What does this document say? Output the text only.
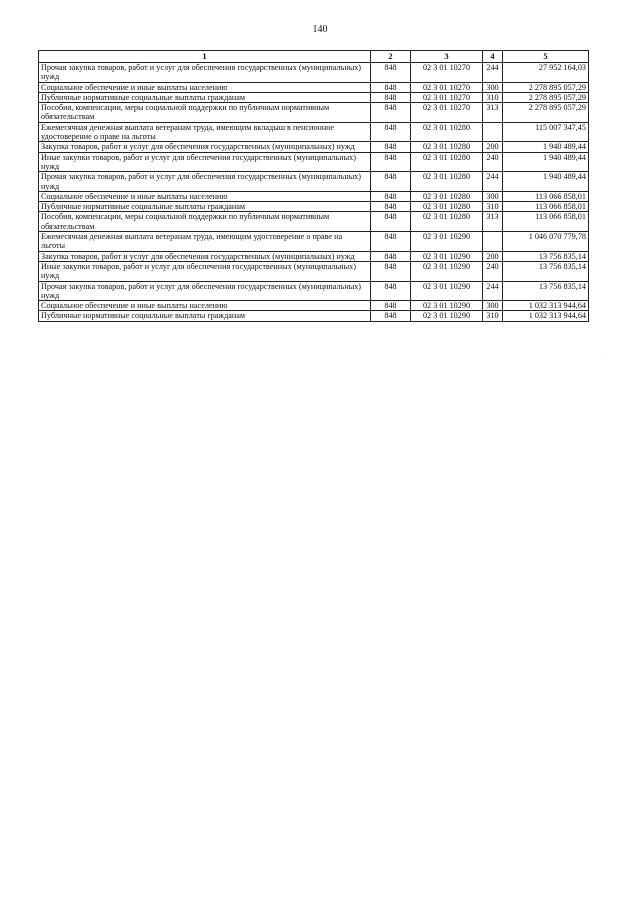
140
1	2	3	4	5
Прочая закупка товаров, работ и услуг для обеспечения государственных (муниципальных) нужд	848	02 3 01 10270	244	27 952 164,03
Социальное обеспечение и иные выплаты населению	848	02 3 01 10270	300	2 278 895 057,29
Публичные нормативные социальные выплаты гражданам	848	02 3 01 10270	310	2 278 895 057,29
Пособия, компенсации, меры социальной поддержки по публичным нормативным обязательствам	848	02 3 01 10270	313	2 278 895 057,29
Ежемесячная денежная выплата ветеранам труда, имеющим вкладыш в пенсионное удостоверение о праве на льготы	848	02 3 01 10280		115 007 347,45
Закупка товаров, работ и услуг для обеспечения государственных (муниципальных) нужд	848	02 3 01 10280	200	1 940 489,44
Иные закупки товаров, работ и услуг для обеспечения государственных (муниципальных) нужд	848	02 3 01 10280	240	1 940 489,44
Прочая закупка товаров, работ и услуг для обеспечения государственных (муниципальных) нужд	848	02 3 01 10280	244	1 940 489,44
Социальное обеспечение и иные выплаты населению	848	02 3 01 10280	300	113 066 858,01
Публичные нормативные социальные выплаты гражданам	848	02 3 01 10280	310	113 066 858,01
Пособия, компенсации, меры социальной поддержки по публичным нормативным обязательствам	848	02 3 01 10280	313	113 066 858,01
Ежемесячная денежная выплата ветеранам труда, имеющим удостоверение о праве на льготы	848	02 3 01 10290		1 046 070 779,78
Закупка товаров, работ и услуг для обеспечения государственных (муниципальных) нужд	848	02 3 01 10290	200	13 756 835,14
Иные закупки товаров, работ и услуг для обеспечения государственных (муниципальных) нужд	848	02 3 01 10290	240	13 756 835,14
Прочая закупка товаров, работ и услуг для обеспечения государственных (муниципальных) нужд	848	02 3 01 10290	244	13 756 835,14
Социальное обеспечение и иные выплаты населению	848	02 3 01 10290	300	1 032 313 944,64
Публичные нормативные социальные выплаты гражданам	848	02 3 01 10290	310	1 032 313 944,64
.
